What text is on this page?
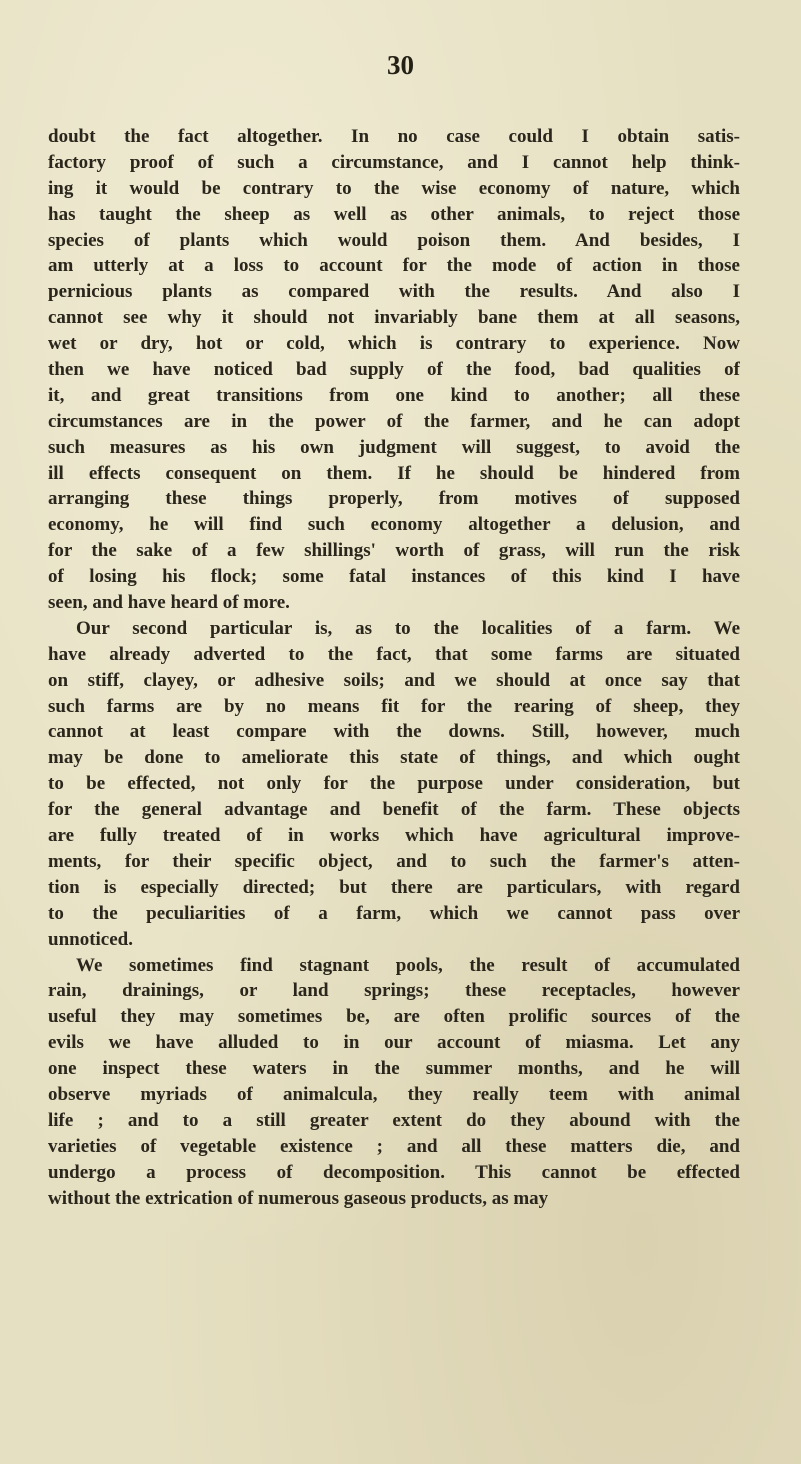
30
doubt the fact altogether. In no case could I obtain satis-
factory proof of such a circumstance, and I cannot help think-
ing it would be contrary to the wise economy of nature, which
has taught the sheep as well as other animals, to reject those
species of plants which would poison them. And besides, I
am utterly at a loss to account for the mode of action in those
pernicious plants as compared with the results. And also I
cannot see why it should not invariably bane them at all seasons,
wet or dry, hot or cold, which is contrary to experience. Now
then we have noticed bad supply of the food, bad qualities of
it, and great transitions from one kind to another; all these
circumstances are in the power of the farmer, and he can adopt
such measures as his own judgment will suggest, to avoid the
ill effects consequent on them. If he should be hindered from
arranging these things properly, from motives of supposed
economy, he will find such economy altogether a delusion, and
for the sake of a few shillings' worth of grass, will run the risk
of losing his flock; some fatal instances of this kind I have
seen, and have heard of more.
Our second particular is, as to the localities of a farm. We
have already adverted to the fact, that some farms are situated
on stiff, clayey, or adhesive soils; and we should at once say that
such farms are by no means fit for the rearing of sheep, they
cannot at least compare with the downs. Still, however, much
may be done to ameliorate this state of things, and which ought
to be effected, not only for the purpose under consideration, but
for the general advantage and benefit of the farm. These objects
are fully treated of in works which have agricultural improve-
ments, for their specific object, and to such the farmer's atten-
tion is especially directed; but there are particulars, with regard
to the peculiarities of a farm, which we cannot pass over
unnoticed.
We sometimes find stagnant pools, the result of accumulated
rain, drainings, or land springs; these receptacles, however
useful they may sometimes be, are often prolific sources of the
evils we have alluded to in our account of miasma. Let any
one inspect these waters in the summer months, and he will
observe myriads of animalcula, they really teem with animal
life ; and to a still greater extent do they abound with the
varieties of vegetable existence ; and all these matters die, and
undergo a process of decomposition. This cannot be effected
without the extrication of numerous gaseous products, as may
